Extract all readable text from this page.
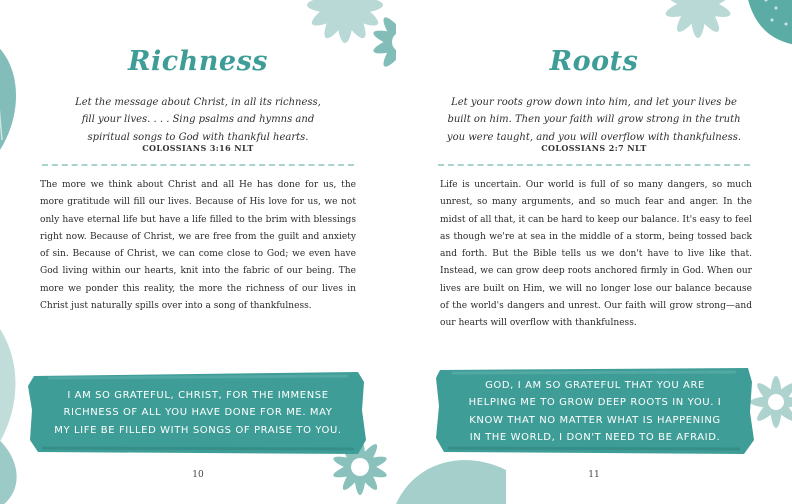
Richness
Let the message about Christ, in all its richness,
fill your lives. . . . Sing psalms and hymns and
spiritual songs to God with thankful hearts.
COLOSSIANS 3:16 NLT
The more we think about Christ and all He has done for us, the more gratitude will fill our lives. Because of His love for us, we not only have eternal life but have a life filled to the brim with blessings right now. Because of Christ, we are free from the guilt and anxiety of sin. Because of Christ, we can come close to God; we even have God living within our hearts, knit into the fabric of our being. The more we ponder this reality, the more the richness of our lives in Christ just naturally spills over into a song of thankfulness.
I AM SO GRATEFUL, CHRIST, FOR THE IMMENSE
RICHNESS OF ALL YOU HAVE DONE FOR ME. MAY
MY LIFE BE FILLED WITH SONGS OF PRAISE TO YOU.
10
Roots
Let your roots grow down into him, and let your lives be
built on him. Then your faith will grow strong in the truth
you were taught, and you will overflow with thankfulness.
COLOSSIANS 2:7 NLT
Life is uncertain. Our world is full of so many dangers, so much unrest, so many arguments, and so much fear and anger. In the midst of all that, it can be hard to keep our balance. It's easy to feel as though we're at sea in the middle of a storm, being tossed back and forth. But the Bible tells us we don't have to live like that. Instead, we can grow deep roots anchored firmly in God. When our lives are built on Him, we will no longer lose our balance because of the world's dangers and unrest. Our faith will grow strong—and our hearts will overflow with thankfulness.
GOD, I AM SO GRATEFUL THAT YOU ARE
HELPING ME TO GROW DEEP ROOTS IN YOU. I
KNOW THAT NO MATTER WHAT IS HAPPENING
IN THE WORLD, I DON'T NEED TO BE AFRAID.
11
